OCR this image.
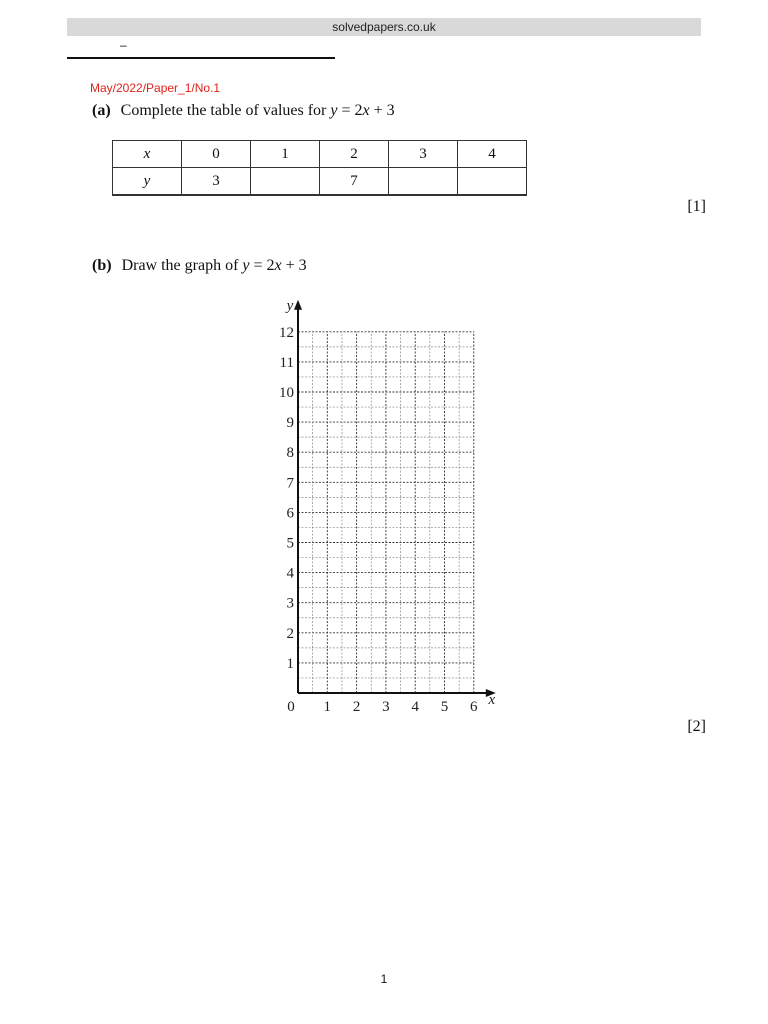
solvedpapers.co.uk
–
May/2022/Paper_1/No.1
(a) Complete the table of values for y = 2x + 3
x	0	1	2	3	4
y	3		7		
[1]
(b) Draw the graph of y = 2x + 3
1 2 3 4 5 6
1
2
3
4
5
6
7
8
9
10
11
12
0	x
y
[2]
1
